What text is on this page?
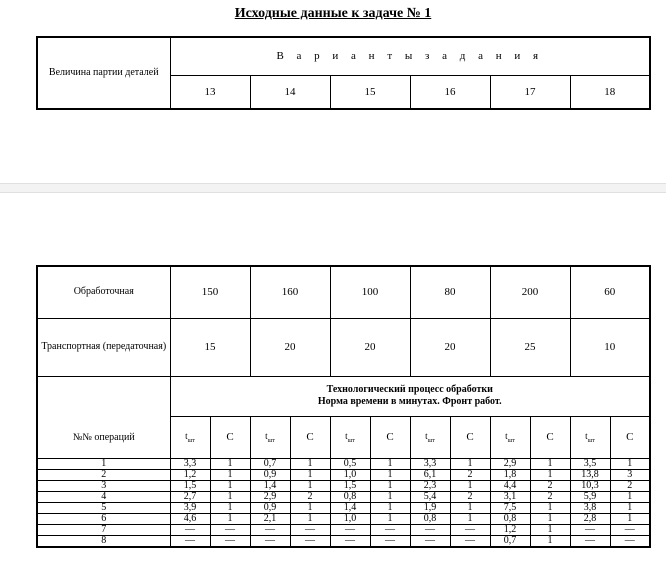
Исходные данные к задаче № 1
Величина партии деталей	В а р и а н т ы з а д а н и я					
	13	14	15	16	17	18
Обработочная	150		160		100		80		200		60	
Транспортная (передаточная)	15		20		20		20		25		10	
№№ операций	Технологический процесс обработки
Норма времени в минутах. Фронт работ.											

	$t_{шт}$	C	$t_{шт}$	C	$t_{шт}$	C	$t_{шт}$	C	$t_{шт}$	C	$t_{шт}$	C
1	3,3	1	0,7	1	0,5	1	3,3	1	2,9	1	3,5	1
2	1,2	1	0,9	1	1,0	1	6,1	2	1,8	1	13,8	3
3	1,5	1	1,4	1	1,5	1	2,3	1	4,4	2	10,3	2
4	2,7	1	2,9	2	0,8	1	5,4	2	3,1	2	5,9	1
5	3,9	1	0,9	1	1,4	1	1,9	1	7,5	1	3,8	1
6	4,6	1	2,1	1	1,0	1	0,8	1	0,8	1	2,8	1
7	—	—	—	—	—	—	—	—	1,2	1	—	—
8	—	—	—	—	—	—	—	—	0,7	1	—	—
